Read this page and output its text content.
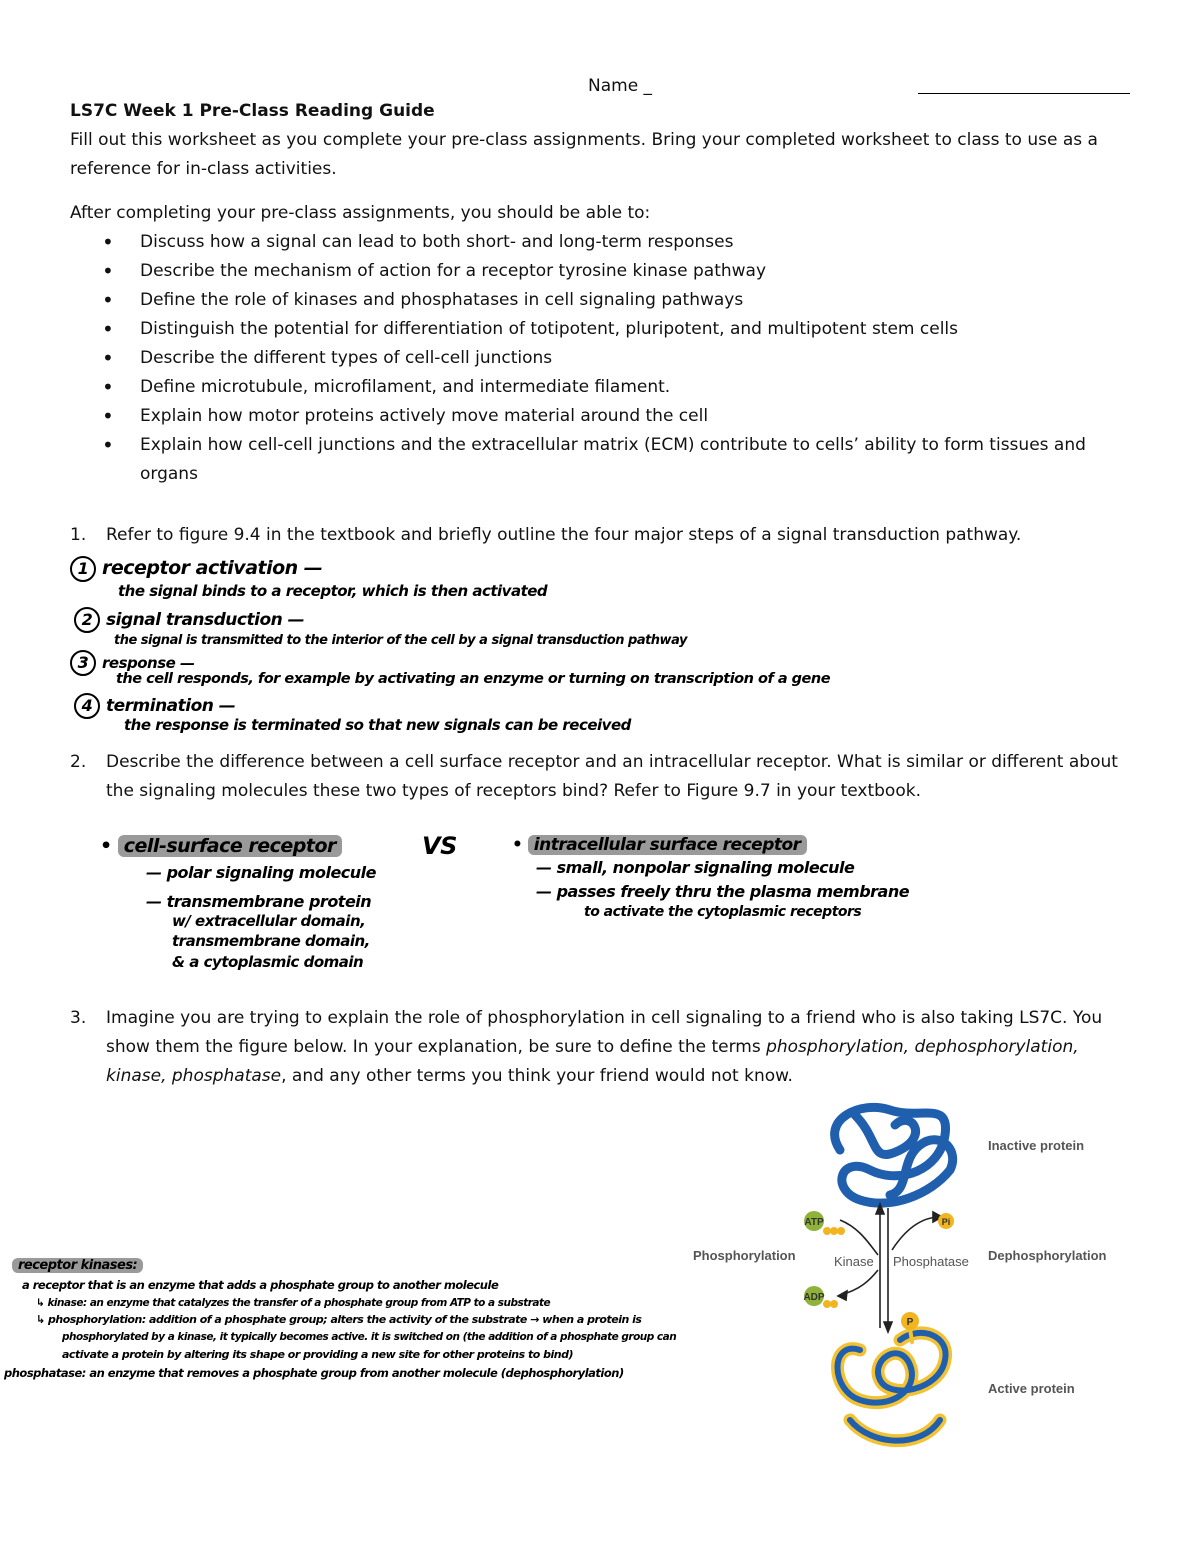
Name _
LS7C Week 1 Pre-Class Reading Guide
Fill out this worksheet as you complete your pre-class assignments. Bring your completed worksheet to class to use as a reference for in-class activities.
After completing your pre-class assignments, you should be able to:
• Discuss how a signal can lead to both short- and long-term responses
• Describe the mechanism of action for a receptor tyrosine kinase pathway
• Define the role of kinases and phosphatases in cell signaling pathways
• Distinguish the potential for differentiation of totipotent, pluripotent, and multipotent stem cells
• Describe the different types of cell-cell junctions
• Define microtubule, microfilament, and intermediate filament.
• Explain how motor proteins actively move material around the cell
• Explain how cell-cell junctions and the extracellular matrix (ECM) contribute to cells’ ability to form tissues and organs
1. Refer to figure 9.4 in the textbook and briefly outline the four major steps of a signal transduction pathway.
1 receptor activation —
the signal binds to a receptor, which is then activated
2 signal transduction —
the signal is transmitted to the interior of the cell by a signal transduction pathway
3 response —
the cell responds, for example by activating an enzyme or turning on transcription of a gene
4 termination —
the response is terminated so that new signals can be received
2. Describe the difference between a cell surface receptor and an intracellular receptor. What is similar or different about the signaling molecules these two types of receptors bind? Refer to Figure 9.7 in your textbook.
• cell-surface receptor	VS	• intracellular surface receptor
— polar signaling molecule
— transmembrane protein
w/ extracellular domain,
transmembrane domain,
& a cytoplasmic domain
— small, nonpolar signaling molecule
— passes freely thru the plasma membrane
to activate the cytoplasmic receptors
3. Imagine you are trying to explain the role of phosphorylation in cell signaling to a friend who is also taking LS7C. You show them the figure below. In your explanation, be sure to define the terms phosphorylation, dephosphorylation, kinase, phosphatase, and any other terms you think your friend would not know.
receptor kinases:
a receptor that is an enzyme that adds a phosphate group to another molecule
↳ kinase: an enzyme that catalyzes the transfer of a phosphate group from ATP to a substrate
↳ phosphorylation: addition of a phosphate group; alters the activity of the substrate → when a protein is
phosphorylated by a kinase, it typically becomes active. it is switched on (the addition of a phosphate group can
activate a protein by altering its shape or providing a new site for other proteins to bind)
phosphatase: an enzyme that removes a phosphate group from another molecule (dephosphorylation)
ATP
ADP
Pi
P
Inactive protein
Phosphorylation	Kinase Phosphatase Dephosphorylation
Active protein
